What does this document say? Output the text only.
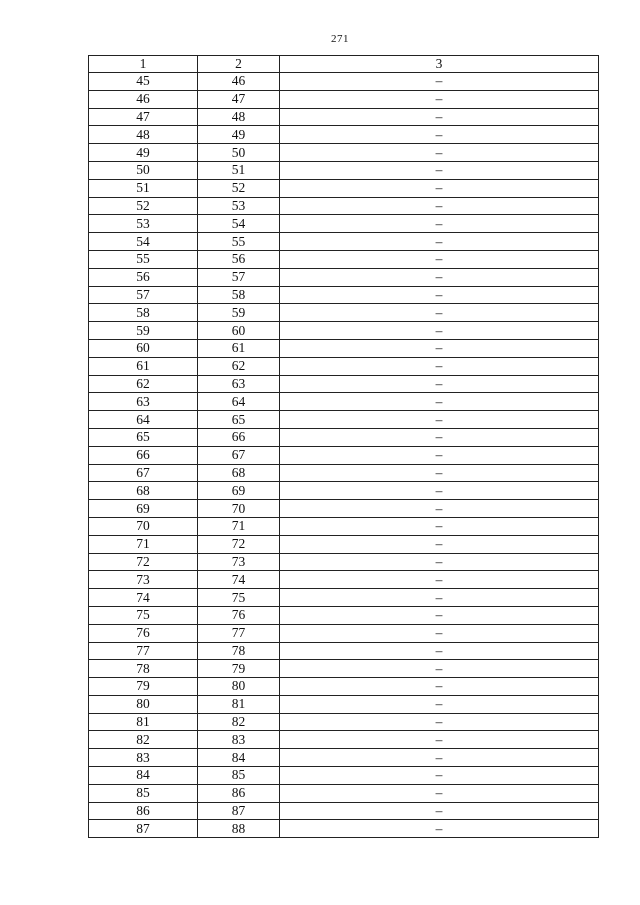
271
1	2	3
45	46	–
46	47	–
47	48	–
48	49	–
49	50	–
50	51	–
51	52	–
52	53	–
53	54	–
54	55	–
55	56	–
56	57	–
57	58	–
58	59	–
59	60	–
60	61	–
61	62	–
62	63	–
63	64	–
64	65	–
65	66	–
66	67	–
67	68	–
68	69	–
69	70	–
70	71	–
71	72	–
72	73	–
73	74	–
74	75	–
75	76	–
76	77	–
77	78	–
78	79	–
79	80	–
80	81	–
81	82	–
82	83	–
83	84	–
84	85	–
85	86	–
86	87	–
87	88	–
